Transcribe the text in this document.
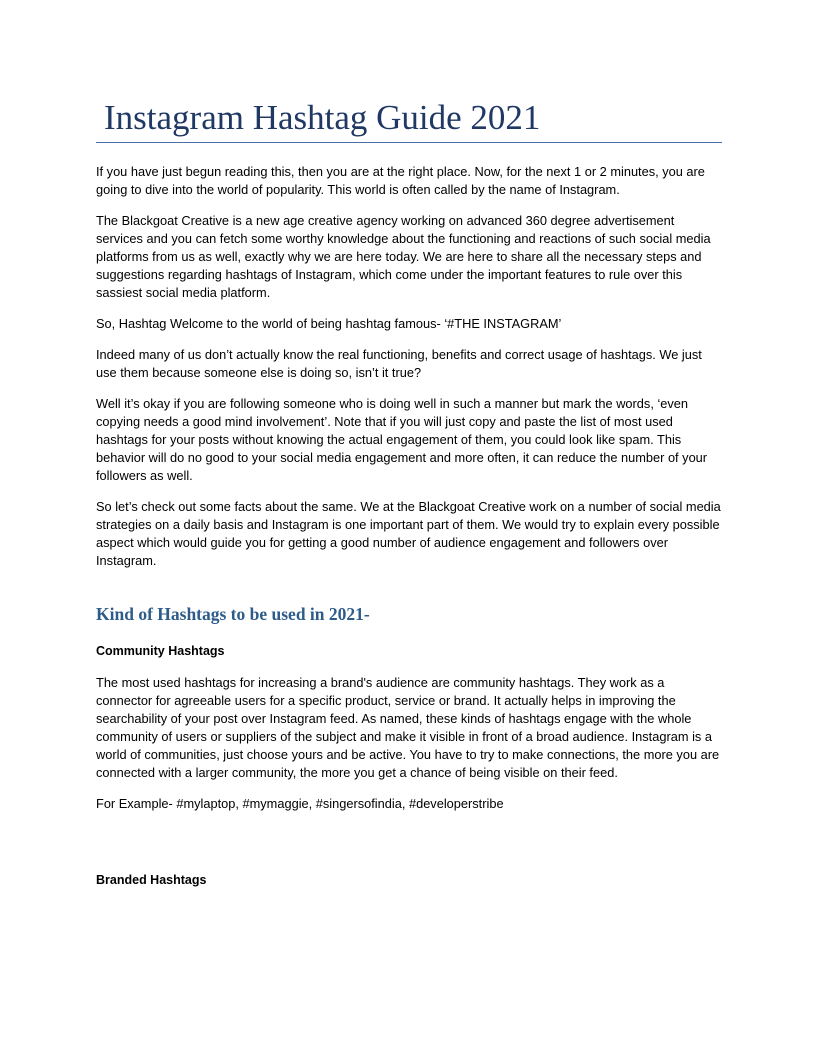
Instagram Hashtag Guide 2021

If you have just begun reading this, then you are at the right place. Now, for the next 1 or 2 minutes, you are going to dive into the world of popularity. This world is often called by the name of Instagram.

The Blackgoat Creative is a new age creative agency working on advanced 360 degree advertisement services and you can fetch some worthy knowledge about the functioning and reactions of such social media platforms from us as well, exactly why we are here today. We are here to share all the necessary steps and suggestions regarding hashtags of Instagram, which come under the important features to rule over this sassiest social media platform.

So, Hashtag Welcome to the world of being hashtag famous- ‘#THE INSTAGRAM’

Indeed many of us don’t actually know the real functioning, benefits and correct usage of hashtags. We just use them because someone else is doing so, isn’t it true?

Well it’s okay if you are following someone who is doing well in such a manner but mark the words, ‘even copying needs a good mind involvement’. Note that if you will just copy and paste the list of most used hashtags for your posts without knowing the actual engagement of them, you could look like spam. This behavior will do no good to your social media engagement and more often, it can reduce the number of your followers as well.

So let’s check out some facts about the same. We at the Blackgoat Creative work on a number of social media strategies on a daily basis and Instagram is one important part of them. We would try to explain every possible aspect which would guide you for getting a good number of audience engagement and followers over Instagram.

Kind of Hashtags to be used in 2021-
Community Hashtags

The most used hashtags for increasing a brand's audience are community hashtags. They work as a connector for agreeable users for a specific product, service or brand. It actually helps in improving the searchability of your post over Instagram feed. As named, these kinds of hashtags engage with the whole community of users or suppliers of the subject and make it visible in front of a broad audience. Instagram is a world of communities, just choose yours and be active. You have to try to make connections, the more you are connected with a larger community, the more you get a chance of being visible on their feed.

For Example- #mylaptop, #mymaggie, #singersofindia, #developerstribe

Branded Hashtags
